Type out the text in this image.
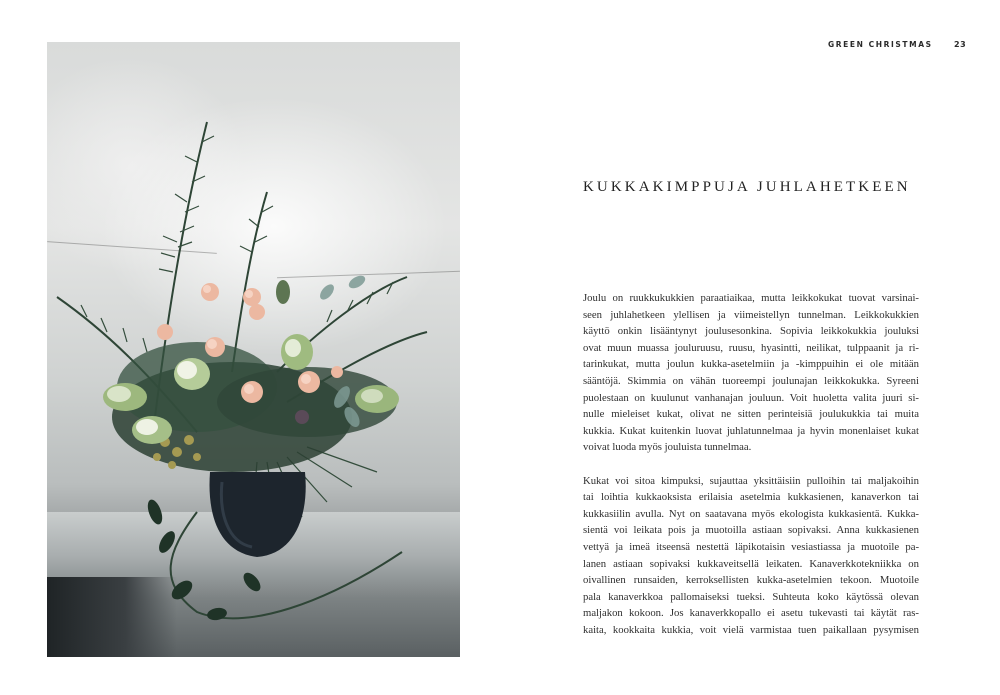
GREEN CHRISTMAS	23
KUKKAKIMPPUJA JUHLAHETKEEN

Joulu on ruukkukukkien paraatiaikaa, mutta leikkokukat tuovat varsinai-
seen juhlahetkeen ylellisen ja viimeistellyn tunnelman. Leikkokukkien
käyttö onkin lisääntynyt joulusesonkina. Sopivia leikkokukkia jouluksi
ovat muun muassa jouluruusu, ruusu, hyasintti, neilikat, tulppaanit ja ri-
tarinkukat, mutta joulun kukka-asetelmiin ja -kimppuihin ei ole mitään
sääntöjä. Skimmia on vähän tuoreempi joulunajan leikkokukka. Syreeni
puolestaan on kuulunut vanhanajan jouluun. Voit huoletta valita juuri si-
nulle mieleiset kukat, olivat ne sitten perinteisiä joulukukkia tai muita
kukkia. Kukat kuitenkin luovat juhlatunnelmaa ja hyvin monenlaiset kukat
voivat luoda myös jouluista tunnelmaa.

Kukat voi sitoa kimpuksi, sujauttaa yksittäisiin pulloihin tai maljakoihin
tai loihtia kukkaoksista erilaisia asetelmia kukkasienen, kanaverkon tai
kukkasiilin avulla. Nyt on saatavana myös ekologista kukkasientä. Kukka-
sientä voi leikata pois ja muotoilla astiaan sopivaksi. Anna kukkasienen
vettyä ja imeä itseensä nestettä läpikotaisin vesiastiassa ja muotoile pa-
lanen astiaan sopivaksi kukkaveitsellä leikaten. Kanaverkkotekniikka on
oivallinen runsaiden, kerroksellisten kukka-asetelmien tekoon. Muotoile
pala kanaverkkoa pallomaiseksi tueksi. Suhteuta koko käytössä olevan
maljakon kokoon. Jos kanaverkkopallo ei asetu tukevasti tai käytät ras-
kaita, kookkaita kukkia, voit vielä varmistaa tuen paikallaan pysymisen
